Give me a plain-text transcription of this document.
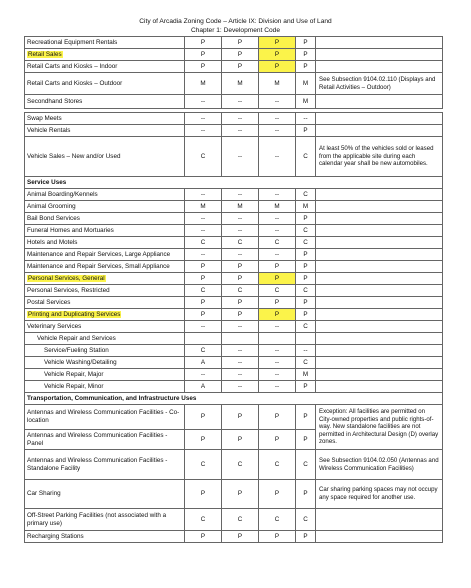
City of Arcadia Zoning Code – Article IX: Division and Use of Land
Chapter 1: Development Code
Recreational Equipment Rentals	P	P	P	P	
Retail Sales	P	P	P	P	
Retail Carts and Kiosks – Indoor	P	P	P	P	
Retail Carts and Kiosks – Outdoor	M	M	M	M	See Subsection 9104.02.110 (Displays and Retail Activities – Outdoor)
Secondhand Stores	--	--	--	M	

Swap Meets	--	--	--	--	
Vehicle Rentals	--	--	--	P	
Vehicle Sales – New and/or Used	C	--	--	C	At least 50% of the vehicles sold or leased from the applicable site during each calendar year shall be new automobiles.
Service Uses					
Animal Boarding/Kennels	--	--	--	C	
Animal Grooming	M	M	M	M	
Bail Bond Services	--	--	--	P	
Funeral Homes and Mortuaries	--	--	--	C	
Hotels and Motels	C	C	C	C	
Maintenance and Repair Services, Large Appliance	--	--	--	P	
Maintenance and Repair Services, Small Appliance	P	P	P	P	
Personal Services, General	P	P	P	P	
Personal Services, Restricted	C	C	C	C	
Postal Services	P	P	P	P	
Printing and Duplicating Services	P	P	P	P	
Veterinary Services	--	--	--	C	
Vehicle Repair and Services					
Service/Fueling Station	C	--	--	--	
Vehicle Washing/Detailing	A	--	--	C	
Vehicle Repair, Major	--	--	--	M	
Vehicle Repair, Minor	A	--	--	P	
Transportation, Communication, and Infrastructure Uses					
Antennas and Wireless Communication Facilities - Co-location	P	P	P	P	Exception: All facilities are permitted on City-owned properties and public rights-of-way. New standalone facilities are not permitted in Architectural Design (D) overlay zones.
Antennas and Wireless Communication Facilities - Panel	P	P	P	P	
Antennas and Wireless Communication Facilities - Standalone Facility	C	C	C	C	See Subsection 9104.02.050 (Antennas and Wireless Communication Facilities)
Car Sharing	P	P	P	P	Car sharing parking spaces may not occupy any space required for another use.
Off-Street Parking Facilities (not associated with a primary use)	C	C	C	C	
Recharging Stations	P	P	P	P	
